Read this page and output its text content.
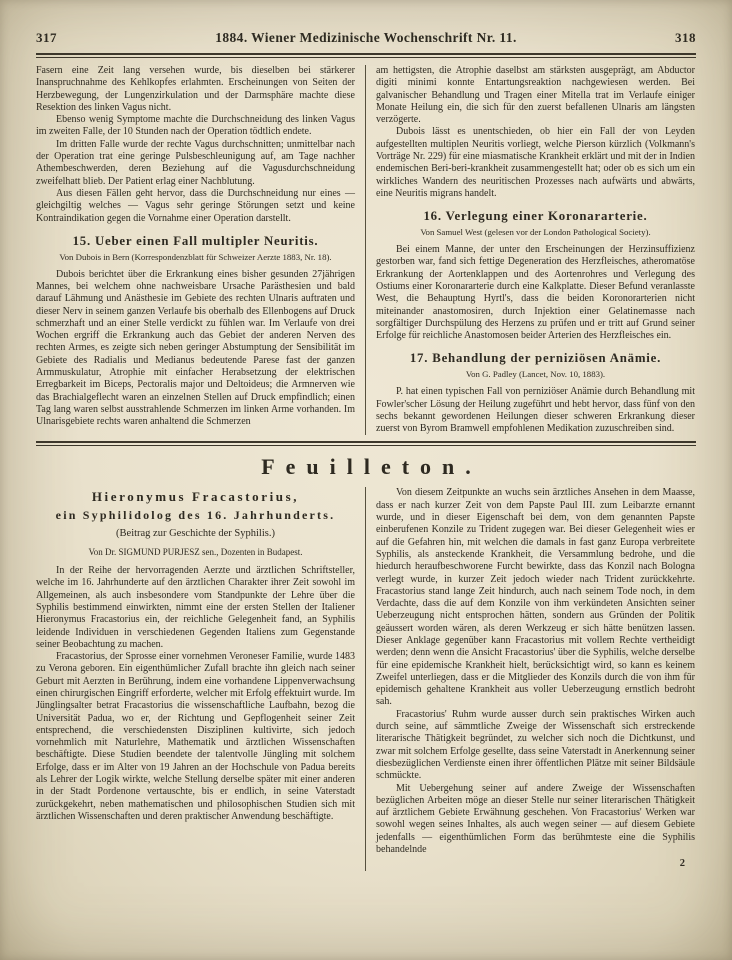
317	1884. Wiener Medizinische Wochenschrift Nr. 11.	318

Fasern eine Zeit lang versehen wurde, bis dieselben bei stärkerer Inanspruchnahme des Kehlkopfes erlahmten. Erscheinungen von Seiten der Herzbewegung, der Lungenzirkulation und der Darmsphäre machte diese Resektion des linken Vagus nicht.

Ebenso wenig Symptome machte die Durchschneidung des linken Vagus im zweiten Falle, der 10 Stunden nach der Operation tödtlich endete.

Im dritten Falle wurde der rechte Vagus durchschnitten; unmittelbar nach der Operation trat eine geringe Pulsbeschleunigung auf, am Tage nachher Athembeschwerden, deren Beziehung auf die Vagusdurchschneidung zweifelhatt blieb. Der Patient erlag einer Nachblutung.

Aus diesen Fällen geht hervor, dass die Durchschneidung nur eines — gleichgiltig welches — Vagus sehr geringe Störungen setzt und keine Kontraindikation gegen die Vornahme einer Operation darstellt.

15. Ueber einen Fall multipler Neuritis.

Von Dubois in Bern (Korrespondenzblatt für Schweizer Aerzte 1883, Nr. 18).

Dubois berichtet über die Erkrankung eines bisher gesunden 27jährigen Mannes, bei welchem ohne nachweisbare Ursache Parästhesien und bald darauf Lähmung und Anästhesie im Gebiete des rechten Ulnaris auftraten und dieser Nerv in seinem ganzen Verlaufe bis oberhalb des Ellenbogens auf Druck schmerzhaft und an einer Stelle verdickt zu fühlen war. Im Verlaufe von drei Wochen ergriff die Erkrankung auch das Gebiet der anderen Nerven des rechten Armes, es zeigte sich neben geringer Abstumptung der Sensibilität im Gebiete des Radialis und Medianus bedeutende Parese fast der ganzen Armmuskulatur, Atrophie mit einfacher Herabsetzung der elektrischen Erregbarkeit im Biceps, Pectoralis major und Deltoideus; die Armnerven wie das Brachialgeflecht waren an einzelnen Stellen auf Druck empfindlich; einen Tag lang waren selbst ausstrahlende Schmerzen im linken Arme vorhanden. Im Ulnarisgebiete rechts waren anhaltend die Schmerzen

am hettigsten, die Atrophie daselbst am stärksten ausgeprägt, am Abductor digiti minimi konnte Entartungsreaktion nachgewiesen werden. Bei galvanischer Behandlung und Tragen einer Mitella trat im Verlaufe einiger Monate Heilung ein, die sich für den zuerst befallenen Ulnaris am längsten verzögerte.

Dubois lässt es unentschieden, ob hier ein Fall der von Leyden aufgestellten multiplen Neuritis vorliegt, welche Pierson kürzlich (Volkmann's Vorträge Nr. 229) für eine miasmatische Krankheit erklärt und mit der in Indien endemischen Beri-beri-krankheit zusammengestellt hat; oder ob es sich um ein wirkliches Wandern des neuritischen Prozesses nach aufwärts und abwärts, eine Neuritis migrans handelt.

16. Verlegung einer Koronararterie.

Von Samuel West (gelesen vor der London Pathological Society).

Bei einem Manne, der unter den Erscheinungen der Herzinsuffizienz gestorben war, fand sich fettige Degeneration des Herzfleisches, atheromatöse Erkrankung der Aortenklappen und des Aortenrohres und Verlegung des Ostiums einer Koronararterie durch eine Kalkplatte. Dieser Befund veranlasste West, die Behauptung Hyrtl's, dass die beiden Koronorarterien nicht miteinander anastomosiren, durch Injektion einer Gelatinemasse nach sorgfältiger Durchspülung des Herzens zu prüfen und er tritt auf Grund seiner Erfolge für reichliche Anastomosen beider Arterien des Herzfleisches ein.

17. Behandlung der perniziösen Anämie.

Von G. Padley (Lancet, Nov. 10, 1883).

P. hat einen typischen Fall von perniziöser Anämie durch Behandlung mit Fowler'scher Lösung der Heilung zugeführt und hebt hervor, dass fünf von den sechs bekannt gewordenen Heilungen dieser schweren Erkrankung dieser zuerst von Byrom Bramwell empfohlenen Medikation zuzuschreiben sind.

Feuilleton.

Hieronymus Fracastorius,

ein Syphilidolog des 16. Jahrhunderts.

(Beitrag zur Geschichte der Syphilis.)

Von Dr. SIGMUND PURJESZ sen., Dozenten in Budapest.

In der Reihe der hervorragenden Aerzte und ärztlichen Schriftsteller, welche im 16. Jahrhunderte auf den ärztlichen Charakter ihrer Zeit sowohl im Allgemeinen, als auch insbesondere vom Standpunkte der Lehre über die Syphilis bestimmend einwirkten, nimmt eine der ersten Stellen der Italiener Hieronymus Fracastorius ein, der reichliche Gelegenheit fand, an Syphilis leidende Individuen in verschiedenen Gegenden Italiens zum Gegenstande seiner Beobachtung zu machen.

Fracastorius, der Sprosse einer vornehmen Veroneser Familie, wurde 1483 zu Verona geboren. Ein eigenthümlicher Zufall brachte ihn gleich nach seiner Geburt mit Aerzten in Berührung, indem eine vorhandene Lippenverwachsung einen chirurgischen Eingriff erforderte, welcher mit Erfolg effektuirt wurde. Im Jünglingsalter betrat Fracastorius die wissenschaftliche Laufbahn, bezog die Universität Padua, wo er, der Richtung und Gepflogenheit seiner Zeit entsprechend, die verschiedensten Disziplinen kultivirte, sich jedoch vornehmlich mit Naturlehre, Mathematik und ärztlichen Wissenschaften beschäftigte. Diese Studien beendete der talentvolle Jüngling mit solchem Erfolge, dass er im Alter von 19 Jahren an der Hochschule von Padua bereits als Lehrer der Logik wirkte, welche Stellung derselbe später mit einer anderen in der Stadt Pordenone vertauschte, bis er endlich, in seine Vaterstadt zurückgekehrt, neben mathematischen und philosophischen Studien sich mit ärztlichen Wissenschaften und deren praktischer Anwendung beschäftigte.

Von diesem Zeitpunkte an wuchs sein ärztliches Ansehen in dem Maasse, dass er nach kurzer Zeit von dem Papste Paul III. zum Leibarzte ernannt wurde, und in dieser Eigenschaft bei dem, von dem genannten Papste einberufenen Konzile zu Trident zugegen war. Bei dieser Gelegenheit wies er auf die Gefahren hin, mit welchen die damals in fast ganz Europa verbreitete Syphilis, als ansteckende Krankheit, die Versammlung bedrohe, und die hiedurch heraufbeschworene Furcht bewirkte, dass das Konzil nach Bologna verlegt wurde, in kurzer Zeit jedoch wieder nach Trident zurückkehrte. Fracastorius stand lange Zeit hindurch, auch nach seinem Tode noch, in dem Verdachte, dass die auf dem Konzile von ihm verkündeten Ansichten seiner Ueberzeugung nicht entsprochen hätten, sondern aus Gründen der Politik geäussert worden wären, als deren Werkzeug er sich hätte benützen lassen. Dieser Anklage gegenüber kann Fracastorius mit vollem Rechte vertheidigt werden; denn wenn die Ansicht Fracastorius' über die Syphilis, welche derselbe für eine epidemische Krankheit hielt, berücksichtigt wird, so kann es keinem Zweifel unterliegen, dass er die Mitglieder des Konzils durch die von ihm für epidemisch gehaltene Krankheit aus voller Ueberzeugung ernstlich bedroht sah.

Fracastorius' Ruhm wurde ausser durch sein praktisches Wirken auch durch seine, auf sämmtliche Zweige der Wissenschaft sich erstreckende literarische Thätigkeit begründet, zu welcher sich noch die Dichtkunst, und zwar mit solchem Erfolge gesellte, dass seine Vaterstadt in Anerkennung seiner diesbezüglichen Verdienste einen ihrer öffentlichen Plätze mit seiner Bildsäule schmückte.

Mit Uebergehung seiner auf andere Zweige der Wissenschaften bezüglichen Arbeiten möge an dieser Stelle nur seiner literarischen Thätigkeit auf ärztlichem Gebiete Erwähnung geschehen. Von Fracastorius' Werken war sowohl wegen seines Inhaltes, als auch wegen seiner — auf diesem Gebiete jedenfalls — eigenthümlichen Form das berühmteste eine die Syphilis behandelnde

2
